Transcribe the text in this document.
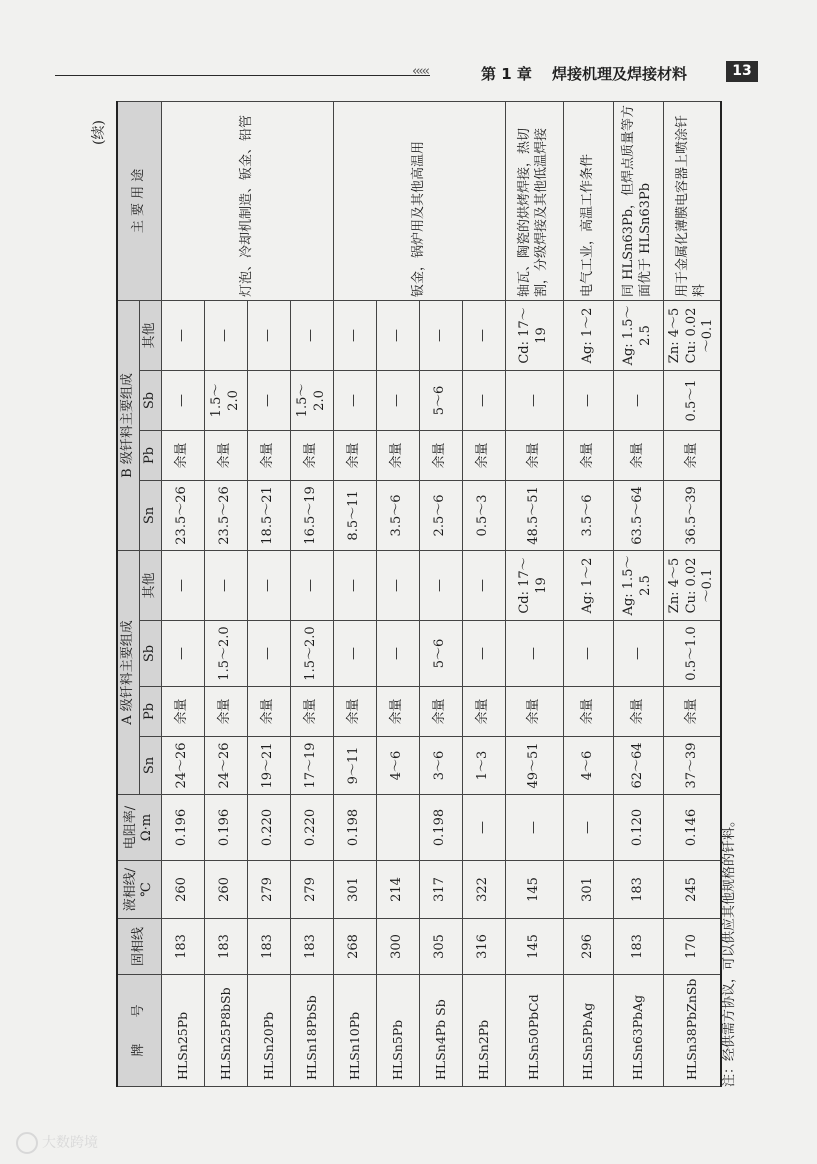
‹‹‹‹‹	第 1 章 焊接机理及焊接材料	13
(续)
牌　　号	固相线	液相线/℃	电阻率/Ω·m	A 级钎料主要组成				B 级钎料主要组成				主 要 用 途
				Sn	Pb	Sb	其他	Sn	Pb	Sb	其他	
HLSn25Pb	183	260	0.196	24～26	余量	—	—	23.5～26	余量	—	—	灯泡、冷却机制造、钣金、铅管
HLSn25P8bSb	183	260	0.196	24～26	余量	1.5～2.0	—	23.5～26	余量	1.5～2.0	—	
HLSn20Pb	183	279	0.220	19～21	余量	—	—	18.5～21	余量	—	—	
HLSn18PbSb	183	279	0.220	17～19	余量	1.5～2.0	—	16.5～19	余量	1.5～2.0	—	
HLSn10Pb	268	301	0.198	9～11	余量	—	—	8.5～11	余量	—	—	钣金，锅炉用及其他高温用
HLSn5Pb	300	214		4～6	余量	—	—	3.5～6	余量	—	—	
HLSn4Pb Sb	305	317	0.198	3～6	余量	5～6	—	2.5～6	余量	5～6	—	
HLSn2Pb	316	322	—	1～3	余量	—	—	0.5～3	余量	—	—	
HLSn50PbCd	145	145	—	49～51	余量	—	Cd: 17～19	48.5～51	余量	—	Cd: 17～19	轴瓦、陶瓷的烘烤焊接，热切割，分级焊接及其他低温焊接
HLSn5PbAg	296	301	—	4～6	余量	—	Ag: 1～2	3.5～6	余量	—	Ag: 1～2	电气工业，高温工作条件
HLSn63PbAg	183	183	0.120	62～64	余量	—	Ag: 1.5～2.5	63.5～64	余量	—	Ag: 1.5～2.5	同 HLSn63Pb，但焊点质量等方面优于 HLSn63Pb
HLSn38PbZnSb	170	245	0.146	37～39	余量	0.5～1.0	Zn: 4～5 Cu: 0.02～0.1	36.5～39	余量	0.5～1	Zn: 4～5 Cu: 0.02～0.1	用于金属化薄膜电容器上喷涂钎料
注：经供需方协议，可以供应其他规格的钎料。
大数跨境
